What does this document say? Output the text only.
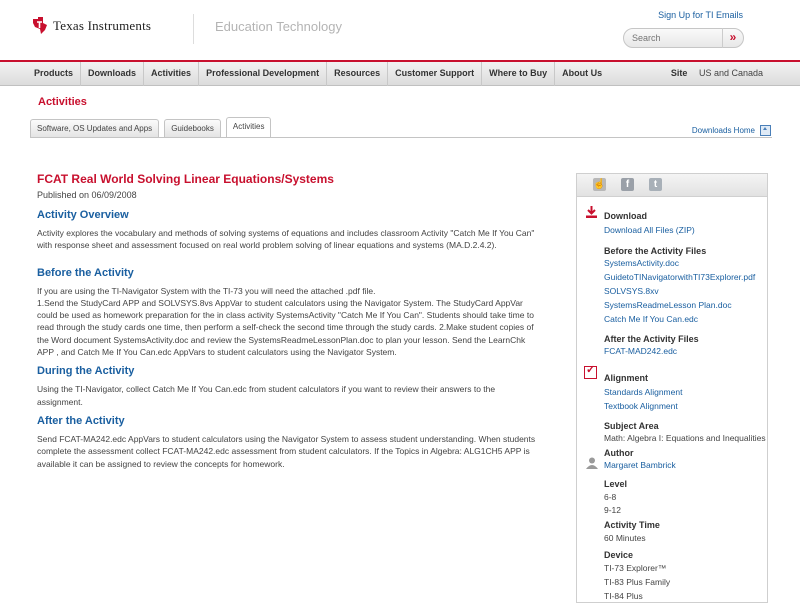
Texas Instruments	Education Technology
Sign Up for TI Emails
Search
»
Products	Downloads	Activities	Professional Development	Resources	Customer Support	Where to Buy	About Us	Site US and Canada
Activities
Software, OS Updates and Apps	Guidebooks	Activities	Downloads Home
FCAT Real World Solving Linear Equations/Systems
Published on 06/09/2008
Activity Overview

Activity explores the vocabulary and methods of solving systems of equations and includes classroom Activity "Catch Me If You Can" with response sheet and assessment focused on real world problem solving of linear equations and systems (MA.D.2.4.2).

Before the Activity

If you are using the TI-Navigator System with the TI-73 you will need the attached .pdf file.

1.Send the StudyCard APP and SOLVSYS.8vs AppVar to student calculators using the Navigator System. The StudyCard AppVar could be used as homework preparation for the in class activity SystemsActivity "Catch Me If You Can". Students should take time to read through the study cards one time, then perform a self-check the second time through the study cards. 2.Make student copies of the Word document SystemsActivity.doc and review the SystemsReadmeLessonPlan.doc to plan your lesson. Send the LearnChk APP , and Catch Me If You Can.edc AppVars to student calculators using the Navigator System.

During the Activity

Using the TI-Navigator, collect Catch Me If You Can.edc from student calculators if you want to review their answers to the assignment.

After the Activity

Send FCAT-MA242.edc AppVars to student calculators using the Navigator System to assess student understanding. When students complete the assessment collect FCAT-MA242.edc assessment from student calculators. If the Topics in Algebra: ALG1CH5 APP is available it can be assigned to review the concepts for homework.

☝	f	t
Download
Download All Files (ZIP)
Before the Activity Files
SystemsActivity.doc
GuidetoTINavigatorwithTI73Explorer.pdf
SOLVSYS.8xv
SystemsReadmeLesson Plan.doc
Catch Me If You Can.edc
After the Activity Files
FCAT-MAD242.edc
✓
Alignment
Standards Alignment
Textbook Alignment
Subject Area
Math: Algebra I: Equations and Inequalities
Author
Margaret Bambrick
Level
6-8
9-12
Activity Time
60 Minutes
Device
TI-73 Explorer™
TI-83 Plus Family
TI-84 Plus
